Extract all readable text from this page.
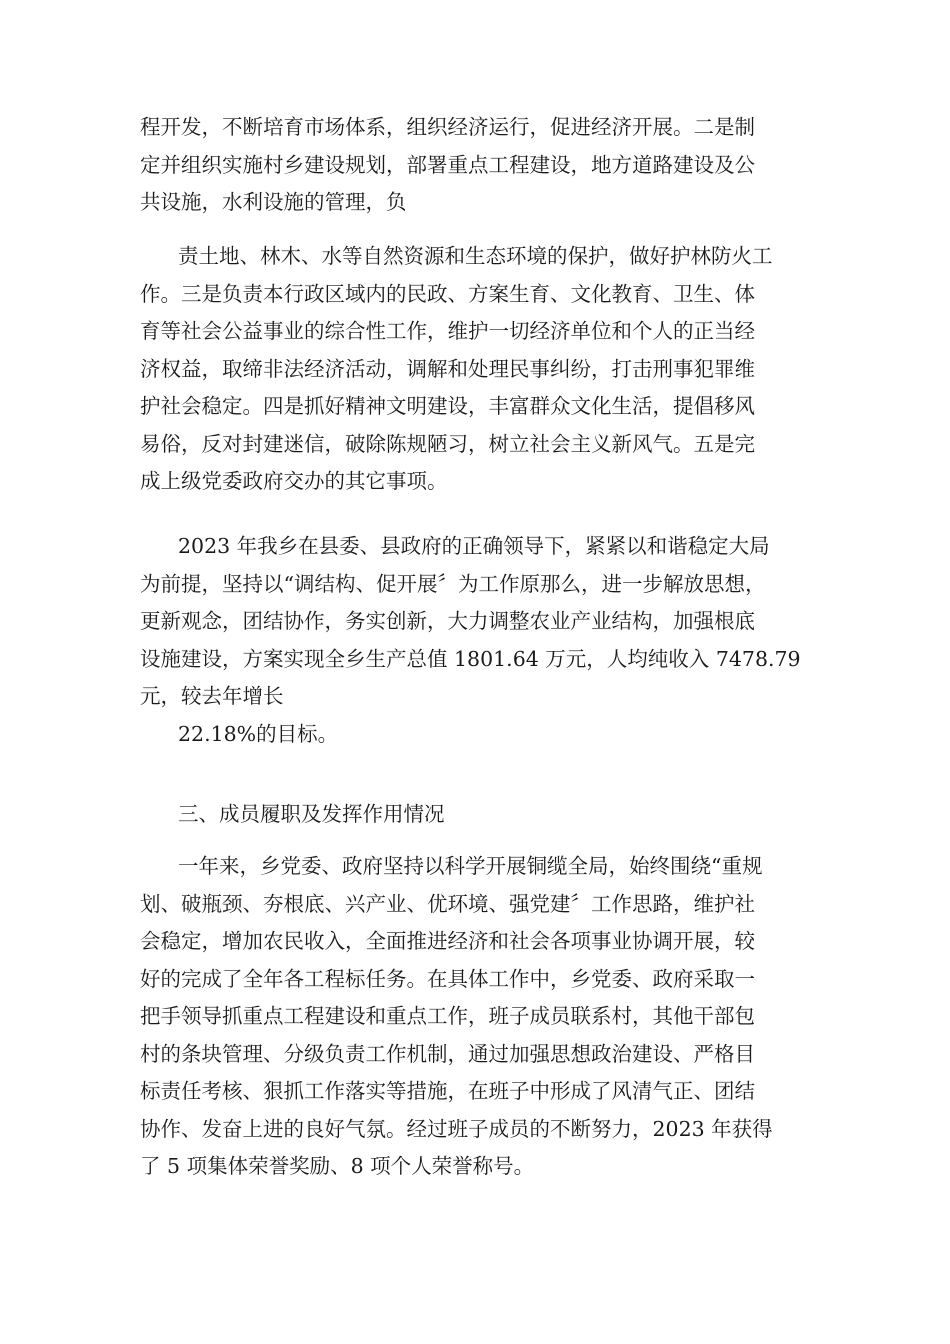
程开发，不断培育市场体系，组织经济运行，促进经济开展。二是制
定并组织实施村乡建设规划，部署重点工程建设，地方道路建设及公
共设施，水利设施的管理，负
责土地、林木、水等自然资源和生态环境的保护，做好护林防火工
作。三是负责本行政区域内的民政、方案生育、文化教育、卫生、体
育等社会公益事业的综合性工作，维护一切经济单位和个人的正当经
济权益，取缔非法经济活动，调解和处理民事纠纷，打击刑事犯罪维
护社会稳定。四是抓好精神文明建设，丰富群众文化生活，提倡移风
易俗，反对封建迷信，破除陈规陋习，树立社会主义新风气。五是完
成上级党委政府交办的其它事项。
2023 年我乡在县委、县政府的正确领导下，紧紧以和谐稳定大局
为前提，坚持以“调结构、促开展〞为工作原那么，进一步解放思想，
更新观念，团结协作，务实创新，大力调整农业产业结构，加强根底
设施建设，方案实现全乡生产总值 1801.64 万元，人均纯收入 7478.79
元，较去年增长
22.18%的目标。
三、成员履职及发挥作用情况
一年来，乡党委、政府坚持以科学开展铜缆全局，始终围绕“重规
划、破瓶颈、夯根底、兴产业、优环境、强党建〞工作思路，维护社
会稳定，增加农民收入，全面推进经济和社会各项事业协调开展，较
好的完成了全年各工程标任务。在具体工作中，乡党委、政府采取一
把手领导抓重点工程建设和重点工作，班子成员联系村，其他干部包
村的条块管理、分级负责工作机制，通过加强思想政治建设、严格目
标责任考核、狠抓工作落实等措施，在班子中形成了风清气正、团结
协作、发奋上进的良好气氛。经过班子成员的不断努力，2023 年获得
了 5 项集体荣誉奖励、8 项个人荣誉称号。
